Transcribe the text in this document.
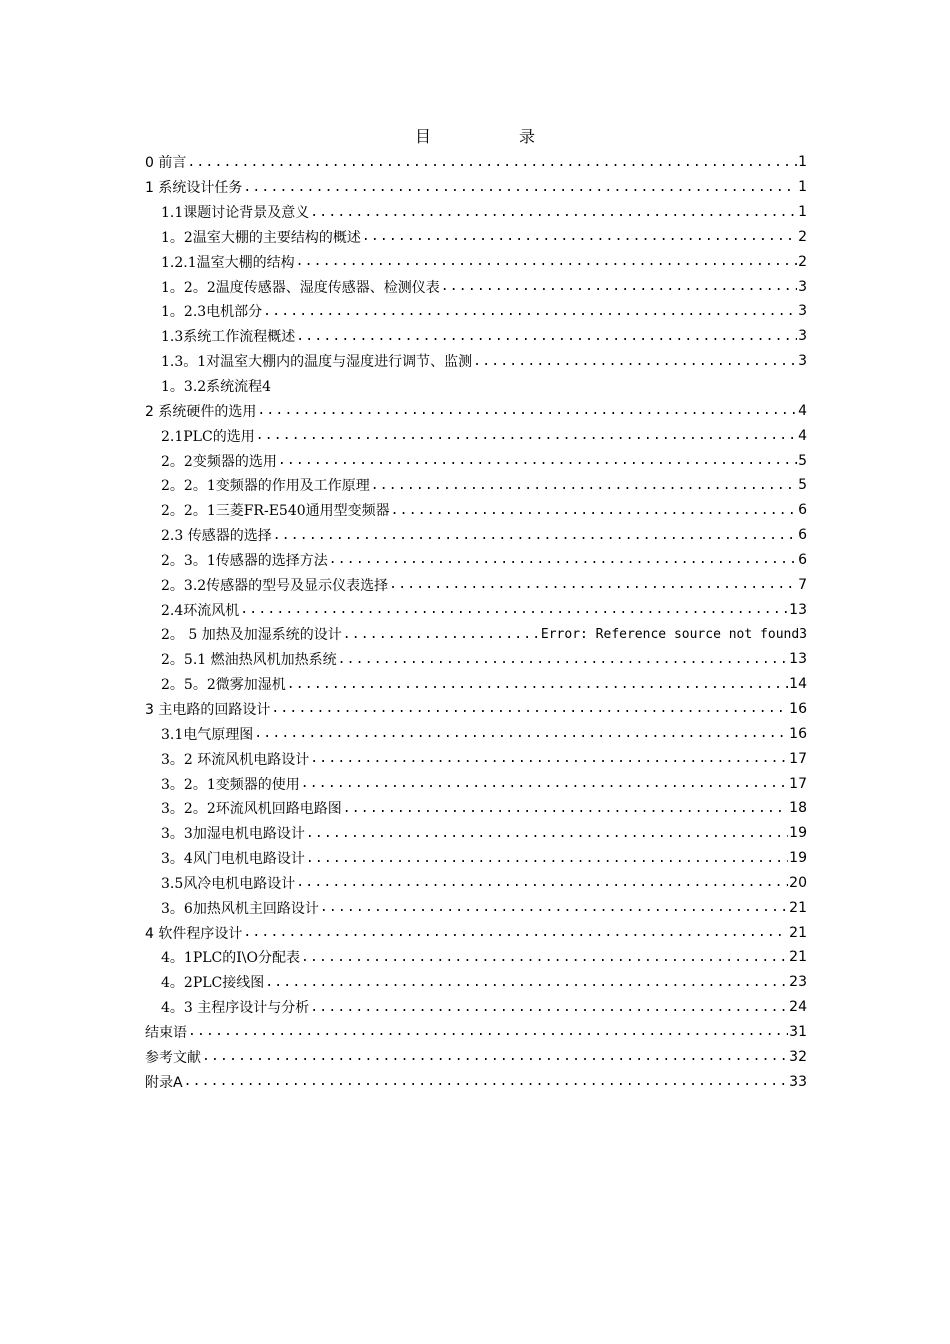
目　录
0 前言 .....	1
1 系统设计任务 .....	1
1.1课题讨论背景及意义 .....	1
1。2温室大棚的主要结构的概述 .....	2
1.2.1温室大棚的结构 .....	2
1。2。2温度传感器、湿度传感器、检测仪表 .....	3
1。2.3电机部分 .....	3
1.3系统工作流程概述 .....	3
1.3。1对温室大棚内的温度与湿度进行调节、监测 .....	3
1。3.2系统流程4
2 系统硬件的选用 .....	4
2.1PLC的选用 .....	4
2。2变频器的选用 .....	5
2。2。1变频器的作用及工作原理 .....	5
2。2。1三菱FR-E540通用型变频器 .....	6
2.3 传感器的选择 .....	6
2。3。1传感器的选择方法 .....	6
2。3.2传感器的型号及显示仪表选择 .....	7
2.4环流风机 .....	13
2。 5 加热及加湿系统的设计 .....	Error: Reference source not found3
2。5.1 燃油热风机加热系统 .....	13
2。5。2微雾加湿机 .....	14
3 主电路的回路设计 .....	16
3.1电气原理图 .....	16
3。2 环流风机电路设计 .....	17
3。2。1变频器的使用 .....	17
3。2。2环流风机回路电路图 .....	18
3。3加湿电机电路设计 .....	19
3。4风门电机电路设计 .....	19
3.5风冷电机电路设计 .....	20
3。6加热风机主回路设计 .....	21
4 软件程序设计 .....	21
4。1PLC的I\O分配表 .....	21
4。2PLC接线图 .....	23
4。3 主程序设计与分析 .....	24
结束语 .....	31
参考文献 .....	32
附录A .....	33
